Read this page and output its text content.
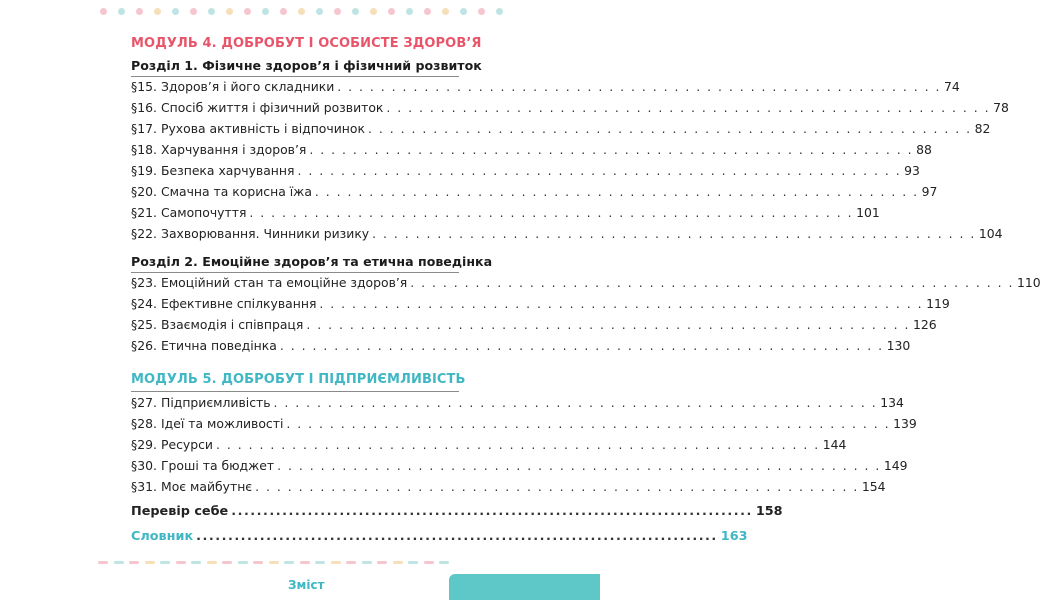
МОДУЛЬ 4. ДОБРОБУТ І ОСОБИСТЕ ЗДОРОВ’Я
Розділ 1. Фізичне здоров’я і фізичний розвиток
§15. Здоров’я і його складники . . . . . . . . . . . . . . . . . . . . . . . . . . . . . . . . . . . . . . . . . . . . . . . . . . . . . . . . 74
§16. Спосіб життя і фізичний розвиток . . . . . . . . . . . . . . . . . . . . . . . . . . . . . . . . . . . . . . . . . . . . . . . . . . . . . . . . 78
§17. Рухова активність і відпочинок . . . . . . . . . . . . . . . . . . . . . . . . . . . . . . . . . . . . . . . . . . . . . . . . . . . . . . . . 82
§18. Харчування і здоров’я . . . . . . . . . . . . . . . . . . . . . . . . . . . . . . . . . . . . . . . . . . . . . . . . . . . . . . . . 88
§19. Безпека харчування . . . . . . . . . . . . . . . . . . . . . . . . . . . . . . . . . . . . . . . . . . . . . . . . . . . . . . . . 93
§20. Смачна та корисна їжа . . . . . . . . . . . . . . . . . . . . . . . . . . . . . . . . . . . . . . . . . . . . . . . . . . . . . . . . 97
§21. Самопочуття . . . . . . . . . . . . . . . . . . . . . . . . . . . . . . . . . . . . . . . . . . . . . . . . . . . . . . . . 101
§22. Захворювання. Чинники ризику . . . . . . . . . . . . . . . . . . . . . . . . . . . . . . . . . . . . . . . . . . . . . . . . . . . . . . . . 104
Розділ 2. Емоційне здоров’я та етична поведінка
§23. Емоційний стан та емоційне здоров’я . . . . . . . . . . . . . . . . . . . . . . . . . . . . . . . . . . . . . . . . . . . . . . . . . . . . . . . . 110
§24. Ефективне спілкування . . . . . . . . . . . . . . . . . . . . . . . . . . . . . . . . . . . . . . . . . . . . . . . . . . . . . . . . 119
§25. Взаємодія і співпраця . . . . . . . . . . . . . . . . . . . . . . . . . . . . . . . . . . . . . . . . . . . . . . . . . . . . . . . . 126
§26. Етична поведінка . . . . . . . . . . . . . . . . . . . . . . . . . . . . . . . . . . . . . . . . . . . . . . . . . . . . . . . . 130
МОДУЛЬ 5. ДОБРОБУТ І ПІДПРИЄМЛИВІСТЬ
§27. Підприємливість . . . . . . . . . . . . . . . . . . . . . . . . . . . . . . . . . . . . . . . . . . . . . . . . . . . . . . . . 134
§28. Ідеї та можливості . . . . . . . . . . . . . . . . . . . . . . . . . . . . . . . . . . . . . . . . . . . . . . . . . . . . . . . . 139
§29. Ресурси . . . . . . . . . . . . . . . . . . . . . . . . . . . . . . . . . . . . . . . . . . . . . . . . . . . . . . . . 144
§30. Гроші та бюджет . . . . . . . . . . . . . . . . . . . . . . . . . . . . . . . . . . . . . . . . . . . . . . . . . . . . . . . . 149
§31. Моє майбутнє . . . . . . . . . . . . . . . . . . . . . . . . . . . . . . . . . . . . . . . . . . . . . . . . . . . . . . . . 154
Перевір себе .................................................................................. 158
Словник .................................................................................. 163
Зміст
